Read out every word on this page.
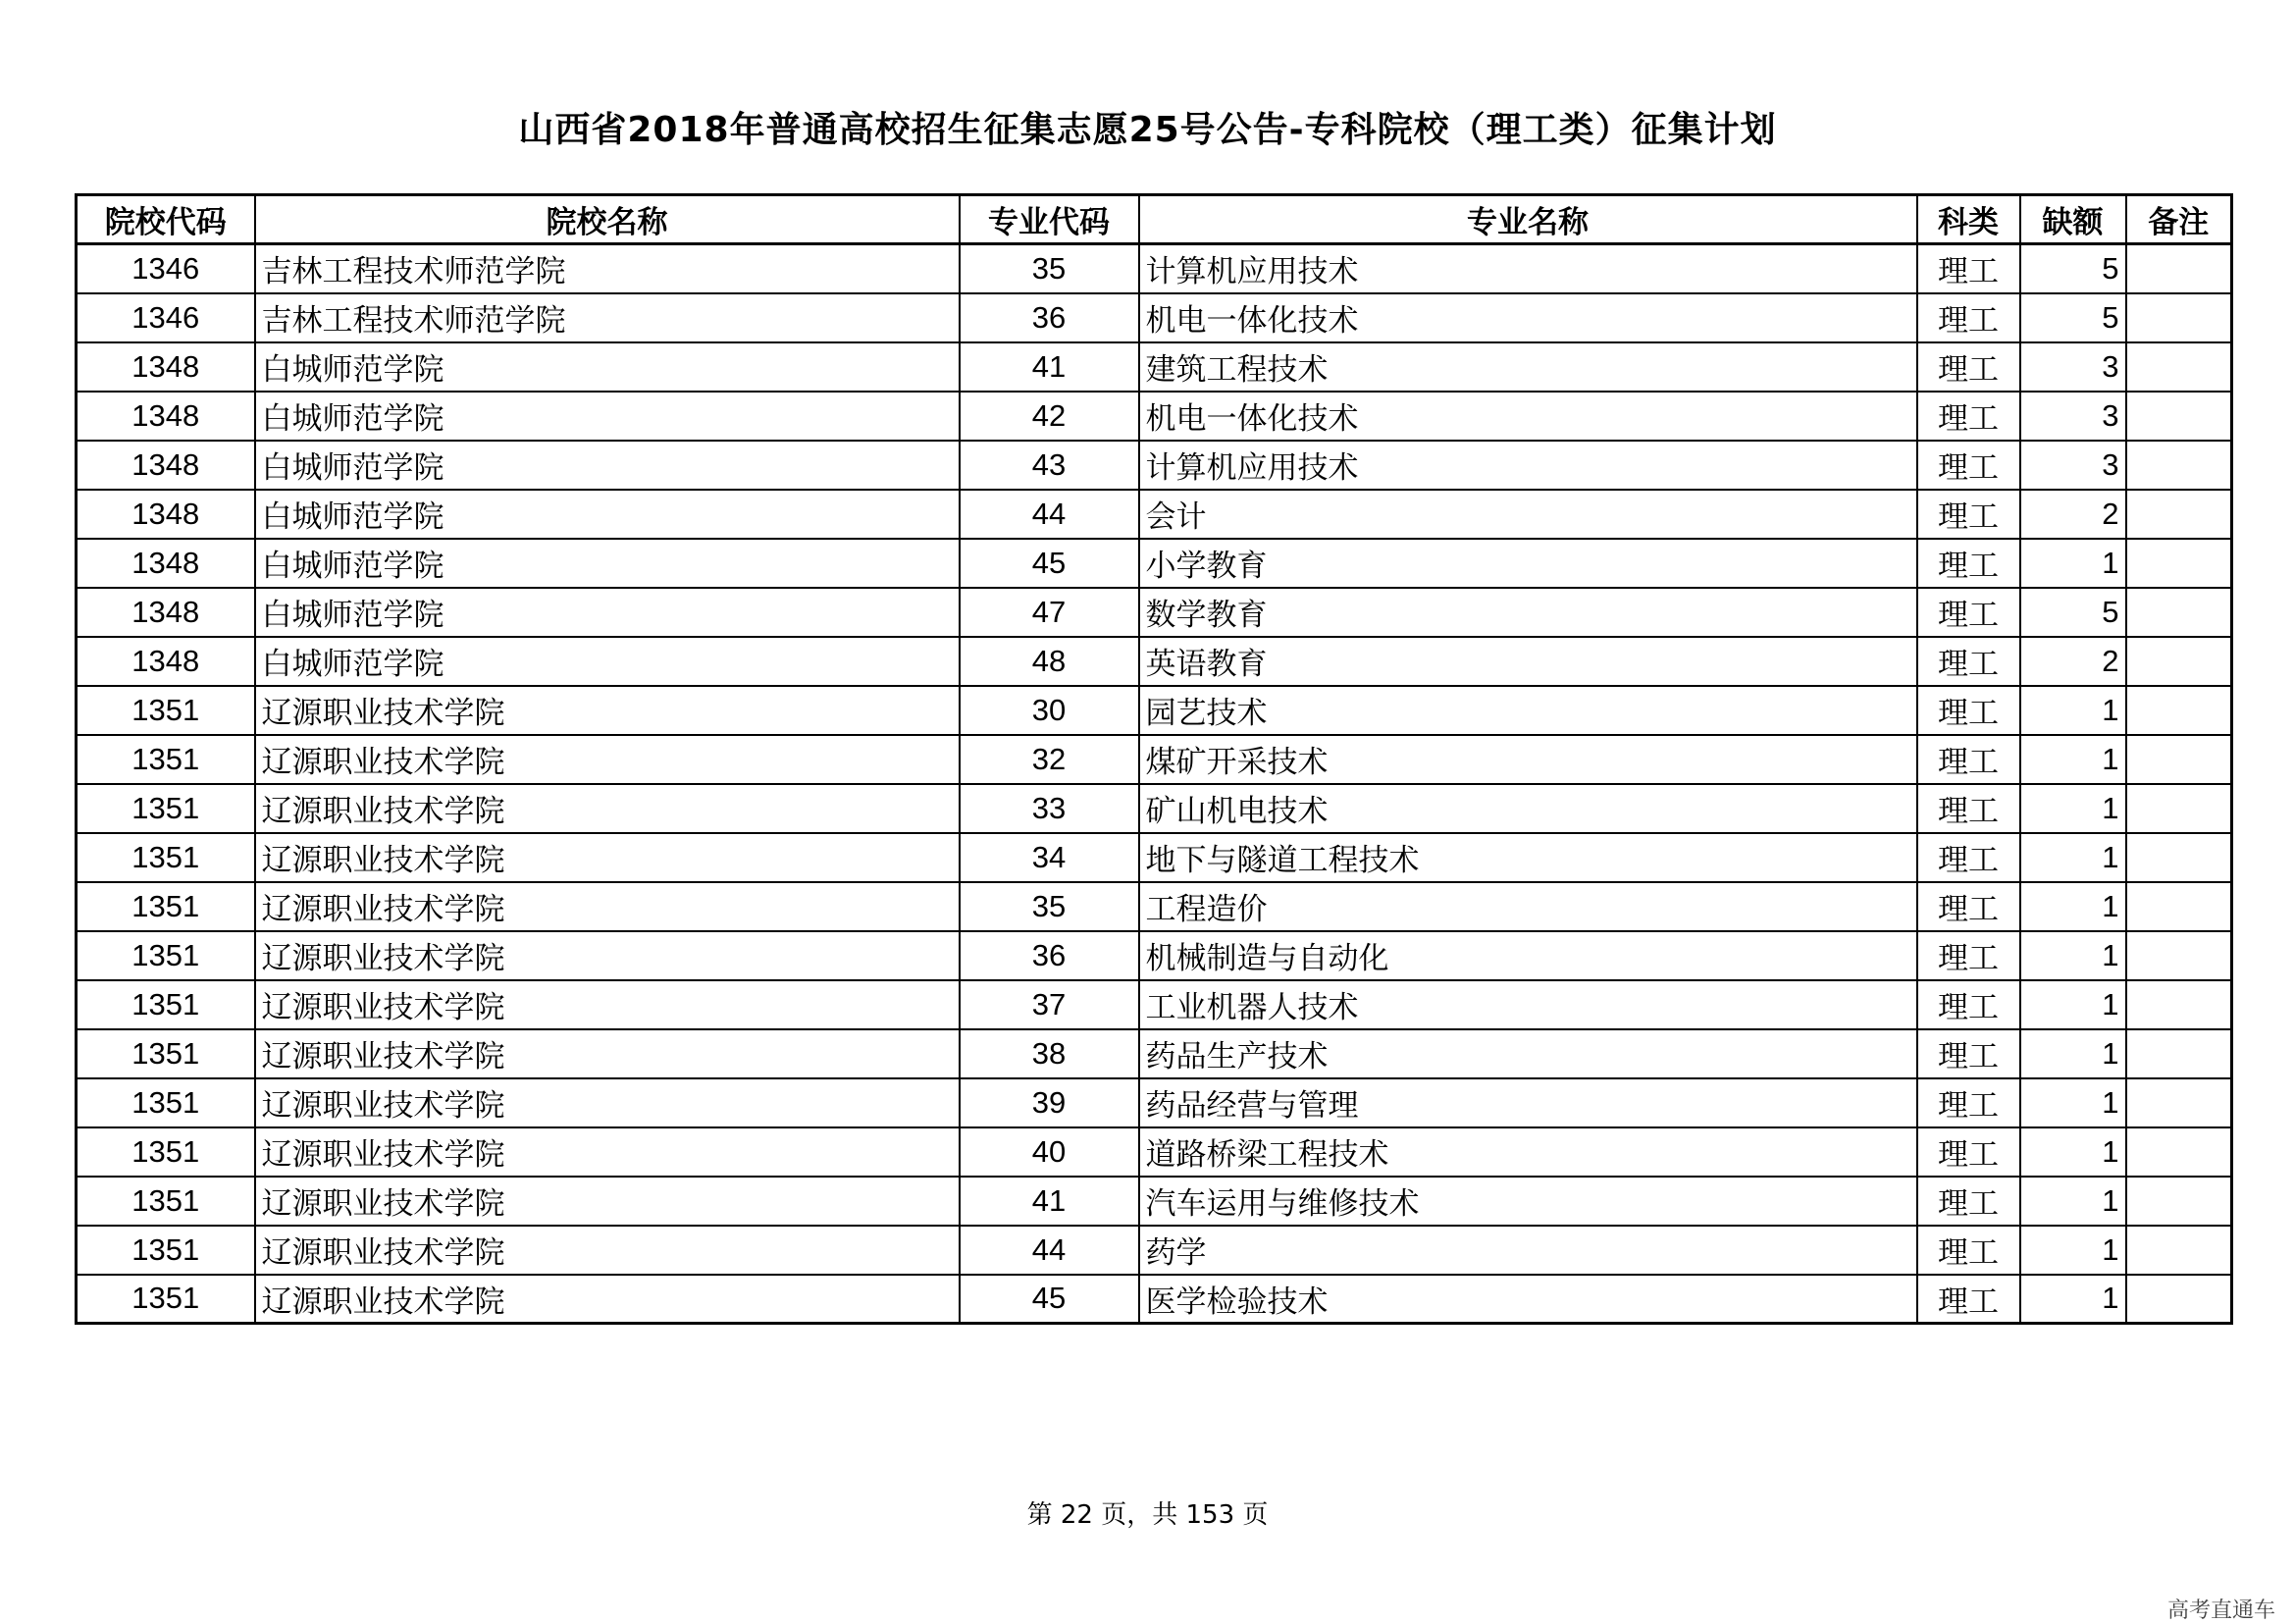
山西省2018年普通高校招生征集志愿25号公告-专科院校（理工类）征集计划
院校代码	院校名称	专业代码	专业名称	科类	缺额	备注
1346	吉林工程技术师范学院	35	计算机应用技术	理工	5	
1346	吉林工程技术师范学院	36	机电一体化技术	理工	5	
1348	白城师范学院	41	建筑工程技术	理工	3	
1348	白城师范学院	42	机电一体化技术	理工	3	
1348	白城师范学院	43	计算机应用技术	理工	3	
1348	白城师范学院	44	会计	理工	2	
1348	白城师范学院	45	小学教育	理工	1	
1348	白城师范学院	47	数学教育	理工	5	
1348	白城师范学院	48	英语教育	理工	2	
1351	辽源职业技术学院	30	园艺技术	理工	1	
1351	辽源职业技术学院	32	煤矿开采技术	理工	1	
1351	辽源职业技术学院	33	矿山机电技术	理工	1	
1351	辽源职业技术学院	34	地下与隧道工程技术	理工	1	
1351	辽源职业技术学院	35	工程造价	理工	1	
1351	辽源职业技术学院	36	机械制造与自动化	理工	1	
1351	辽源职业技术学院	37	工业机器人技术	理工	1	
1351	辽源职业技术学院	38	药品生产技术	理工	1	
1351	辽源职业技术学院	39	药品经营与管理	理工	1	
1351	辽源职业技术学院	40	道路桥梁工程技术	理工	1	
1351	辽源职业技术学院	41	汽车运用与维修技术	理工	1	
1351	辽源职业技术学院	44	药学	理工	1	
1351	辽源职业技术学院	45	医学检验技术	理工	1	
第 22 页，共 153 页
高考直通车
